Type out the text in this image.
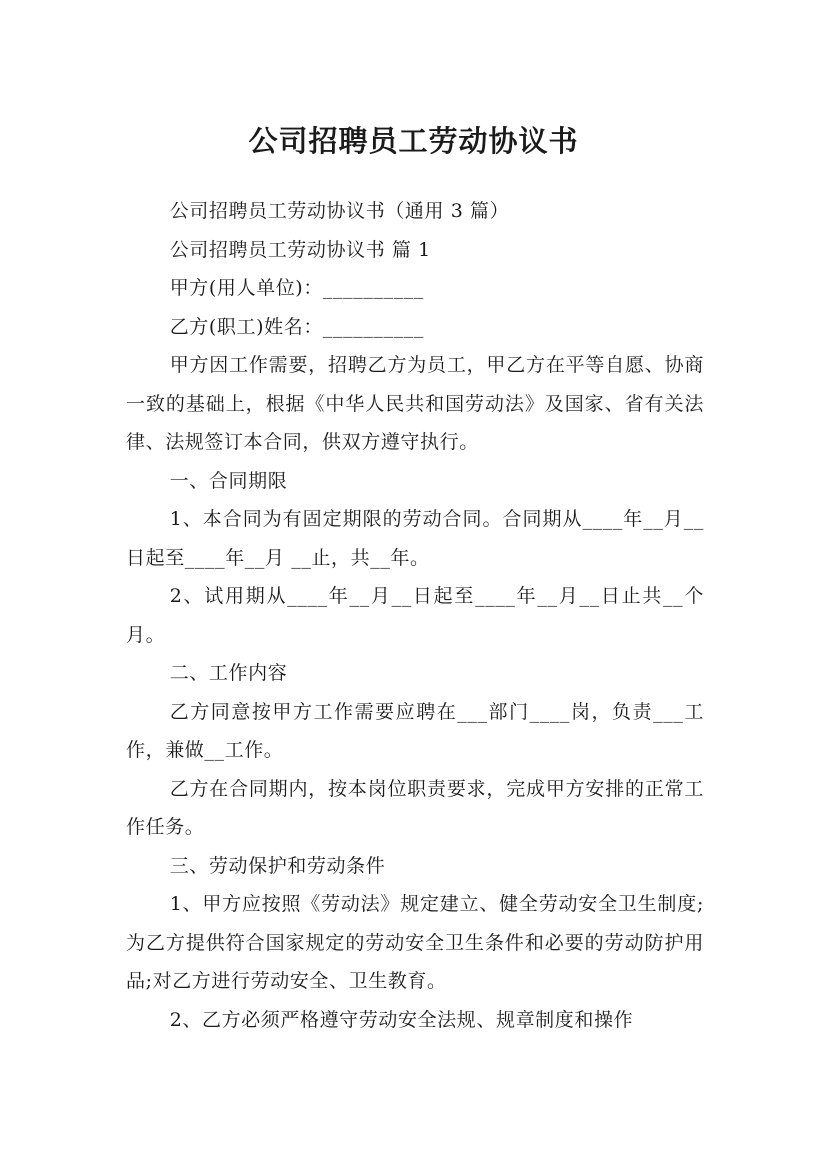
公司招聘员工劳动协议书

公司招聘员工劳动协议书（通用 3 篇）

公司招聘员工劳动协议书 篇 1

甲方(用人单位)：__________

乙方(职工)姓名：__________

甲方因工作需要，招聘乙方为员工，甲乙方在平等自愿、协商一致的基础上，根据《中华人民共和国劳动法》及国家、省有关法律、法规签订本合同，供双方遵守执行。

一、合同期限

1、本合同为有固定期限的劳动合同。合同期从____年__月__日起至____年__月 __止，共__年。

2、试用期从____年__月__日起至____年__月__日止共__个月。

二、工作内容

乙方同意按甲方工作需要应聘在___部门____岗，负责___工作，兼做__工作。

乙方在合同期内，按本岗位职责要求，完成甲方安排的正常工作任务。

三、劳动保护和劳动条件

1、甲方应按照《劳动法》规定建立、健全劳动安全卫生制度;为乙方提供符合国家规定的劳动安全卫生条件和必要的劳动防护用品;对乙方进行劳动安全、卫生教育。

2、乙方必须严格遵守劳动安全法规、规章制度和操作
